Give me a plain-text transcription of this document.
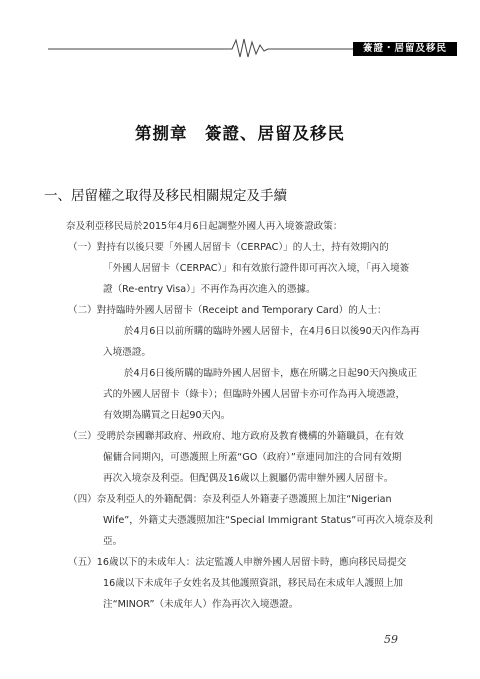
簽證・居留及移民
第捌章　簽證、居留及移民
一、居留權之取得及移民相關規定及手續
奈及利亞移民局於2015年4月6日起調整外國人再入境簽證政策：
（一）對持有以後只要「外國人居留卡（CERPAC）」的人士，持有效期內的
「外國人居留卡（CERPAC）」和有效旅行證件即可再次入境，「再入境簽
證（Re-entry Visa）」不再作為再次進入的憑據。
（二）對持臨時外國人居留卡（Receipt and Temporary Card）的人士：
於4月6日以前所購的臨時外國人居留卡，在4月6日以後90天內作為再
入境憑證。
於4月6日後所購的臨時外國人居留卡，應在所購之日起90天內換成正
式的外國人居留卡（綠卡）；但臨時外國人居留卡亦可作為再入境憑證，
有效期為購買之日起90天內。
（三）受聘於奈國聯邦政府、州政府、地方政府及教育機構的外籍職員，在有效
僱傭合同期內，可憑護照上所蓋“GO（政府）”章連同加注的合同有效期
再次入境奈及利亞。但配偶及16歲以上親屬仍需申辦外國人居留卡。
（四）奈及利亞人的外籍配偶：奈及利亞人外籍妻子憑護照上加注“Nigerian
Wife”，外籍丈夫憑護照加注“Special Immigrant Status”可再次入境奈及利
亞。
（五）16歲以下的未成年人：法定監護人申辦外國人居留卡時，應向移民局提交
16歲以下未成年子女姓名及其他護照資訊，移民局在未成年人護照上加
注“MINOR”（未成年人）作為再次入境憑證。
59
